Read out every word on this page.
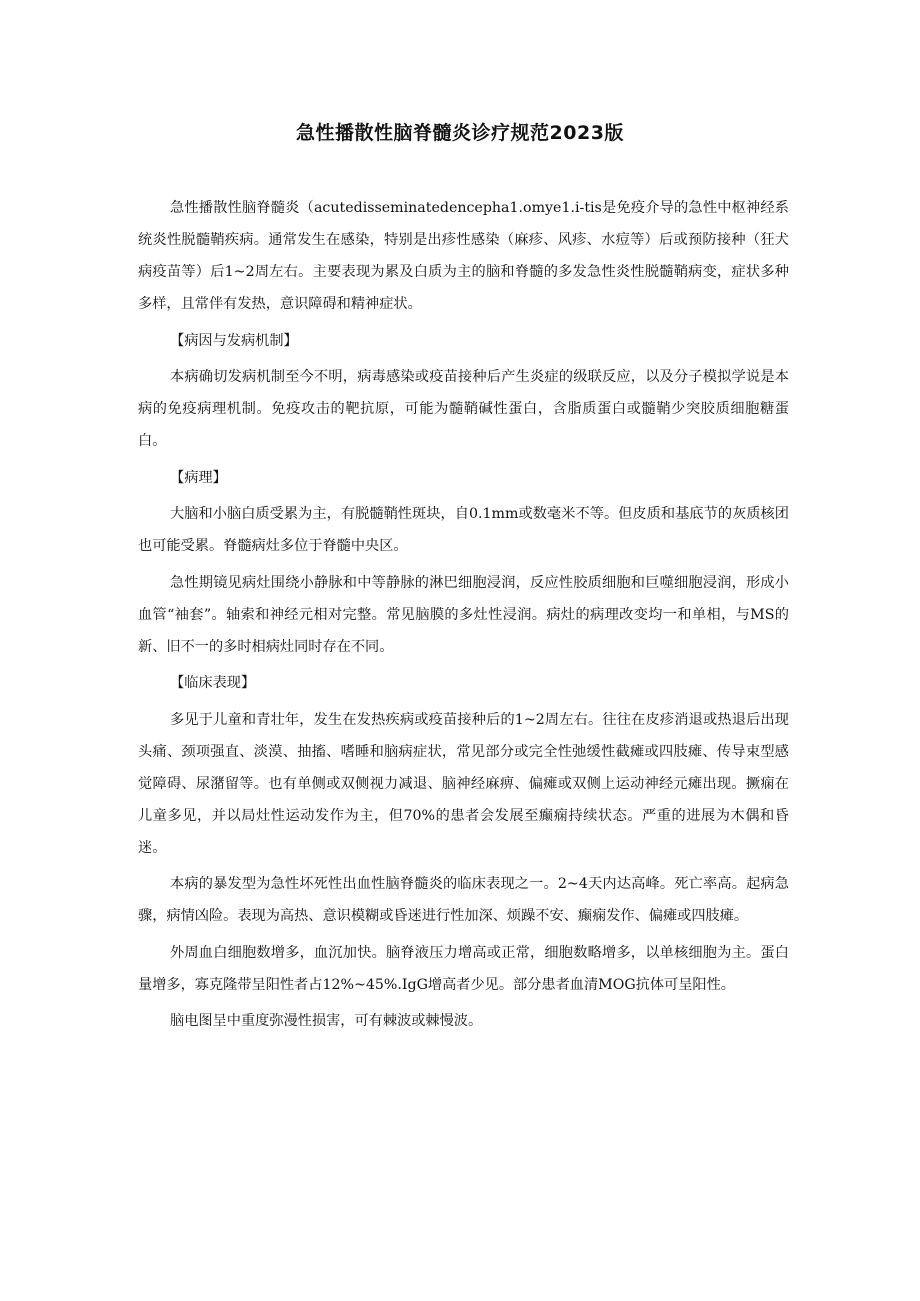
急性播散性脑脊髓炎诊疗规范2023版

急性播散性脑脊髓炎（acutedisseminatedencepha1.omye1.i-tis是免疫介导的急性中枢神经系统炎性脱髓鞘疾病。通常发生在感染，特别是出疹性感染（麻疹、风疹、水痘等）后或预防接种（狂犬病疫苗等）后1~2周左右。主要表现为累及白质为主的脑和脊髓的多发急性炎性脱髓鞘病变，症状多种多样，且常伴有发热，意识障碍和精神症状。

【病因与发病机制】

本病确切发病机制至今不明，病毒感染或疫苗接种后产生炎症的级联反应，以及分子模拟学说是本病的免疫病理机制。免疫攻击的靶抗原，可能为髓鞘碱性蛋白，含脂质蛋白或髓鞘少突胶质细胞糖蛋白。

【病理】

大脑和小脑白质受累为主，有脱髓鞘性斑块，自0.1mm或数毫米不等。但皮质和基底节的灰质核团也可能受累。脊髓病灶多位于脊髓中央区。

急性期镜见病灶围绕小静脉和中等静脉的淋巴细胞浸润，反应性胶质细胞和巨噬细胞浸润，形成小血管“袖套”。轴索和神经元相对完整。常见脑膜的多灶性浸润。病灶的病理改变均一和单相，与MS的新、旧不一的多时相病灶同时存在不同。

【临床表现】

多见于儿童和青壮年，发生在发热疾病或疫苗接种后的1~2周左右。往往在皮疹消退或热退后出现头痛、颈项强直、淡漠、抽搐、嗜睡和脑病症状，常见部分或完全性弛缓性截瘫或四肢瘫、传导束型感觉障碍、尿潴留等。也有单侧或双侧视力减退、脑神经麻痹、偏瘫或双侧上运动神经元瘫出现。撅痫在儿童多见，并以局灶性运动发作为主，但70%的患者会发展至癫痫持续状态。严重的进展为木偶和昏迷。

本病的暴发型为急性坏死性出血性脑脊髓炎的临床表现之一。2~4天内达高峰。死亡率高。起病急骤，病情凶险。表现为高热、意识模糊或昏迷进行性加深、烦躁不安、癫痫发作、偏瘫或四肢瘫。

外周血白细胞数增多，血沉加快。脑脊液压力增高或正常，细胞数略增多，以单核细胞为主。蛋白量增多，寡克隆带呈阳性者占12%~45%.IgG增高者少见。部分患者血清MOG抗体可呈阳性。

脑电图呈中重度弥漫性损害，可有棘波或棘慢波。
